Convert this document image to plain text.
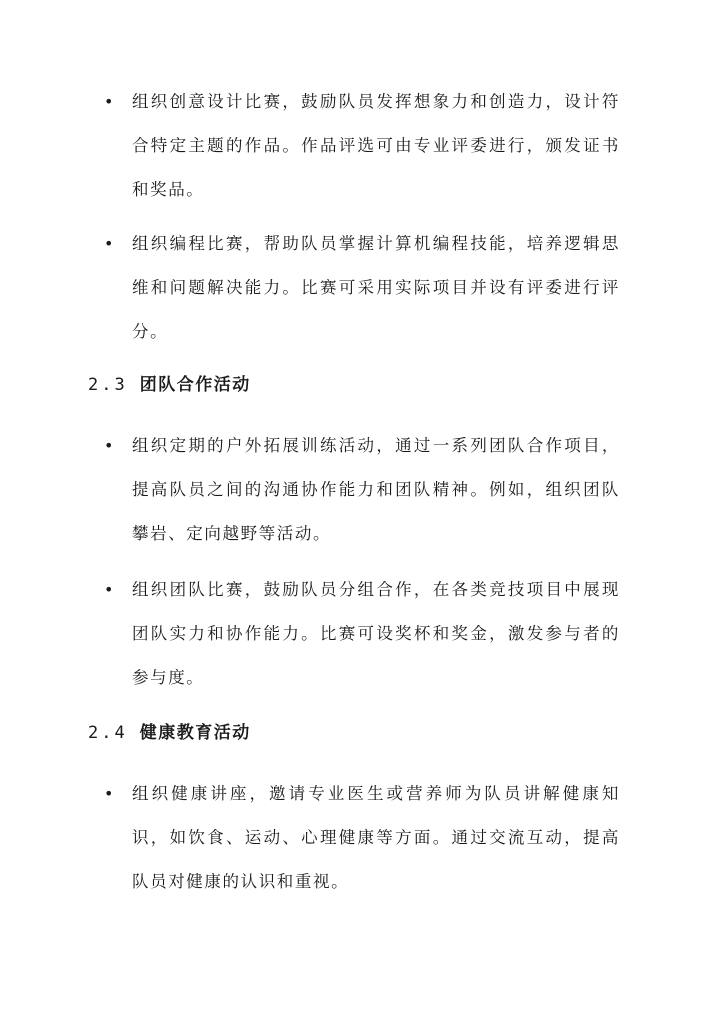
•	组织创意设计比赛，鼓励队员发挥想象力和创造力，设计符合特定主题的作品。作品评选可由专业评委进行，颁发证书和奖品。
•	组织编程比赛，帮助队员掌握计算机编程技能，培养逻辑思维和问题解决能力。比赛可采用实际项目并设有评委进行评分。
2.3 团队合作活动
•	组织定期的户外拓展训练活动，通过一系列团队合作项目，提高队员之间的沟通协作能力和团队精神。例如，组织团队攀岩、定向越野等活动。
•	组织团队比赛，鼓励队员分组合作，在各类竞技项目中展现团队实力和协作能力。比赛可设奖杯和奖金，激发参与者的参与度。
2.4 健康教育活动
•	组织健康讲座，邀请专业医生或营养师为队员讲解健康知识，如饮食、运动、心理健康等方面。通过交流互动，提高队员对健康的认识和重视。
